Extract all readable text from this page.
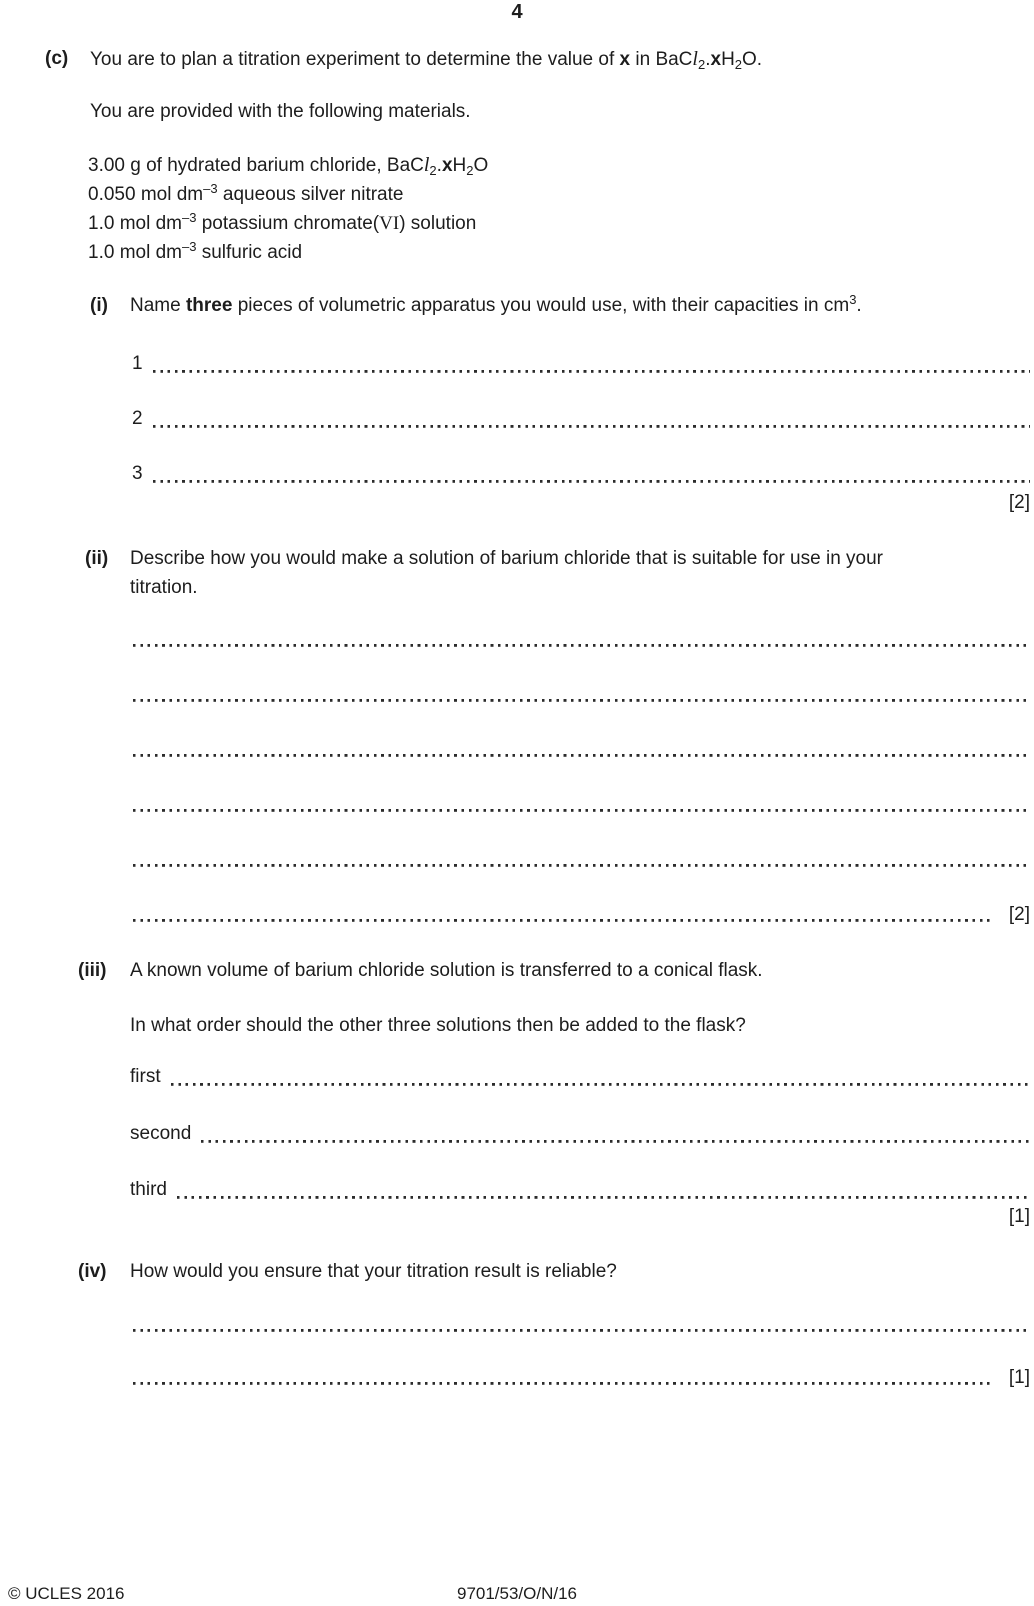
4
(c) You are to plan a titration experiment to determine the value of x in $BaCl_2.xH_2O$.
You are provided with the following materials.
3.00 g of hydrated barium chloride, $BaCl_2.xH_2O$
0.050 mol $dm^{-3}$ aqueous silver nitrate
1.0 mol $dm^{-3}$ potassium chromate(VI) solution
1.0 mol $dm^{-3}$ sulfuric acid
(i) Name three pieces of volumetric apparatus you would use, with their capacities in $cm^3$.
1
2
3
[2]
(ii) Describe how you would make a solution of barium chloride that is suitable for use in your
titration.
[2]
(iii) A known volume of barium chloride solution is transferred to a conical flask.
In what order should the other three solutions then be added to the flask?
first
second
third
[1]
(iv) How would you ensure that your titration result is reliable?
[1]
© UCLES 2016	9701/53/O/N/16
